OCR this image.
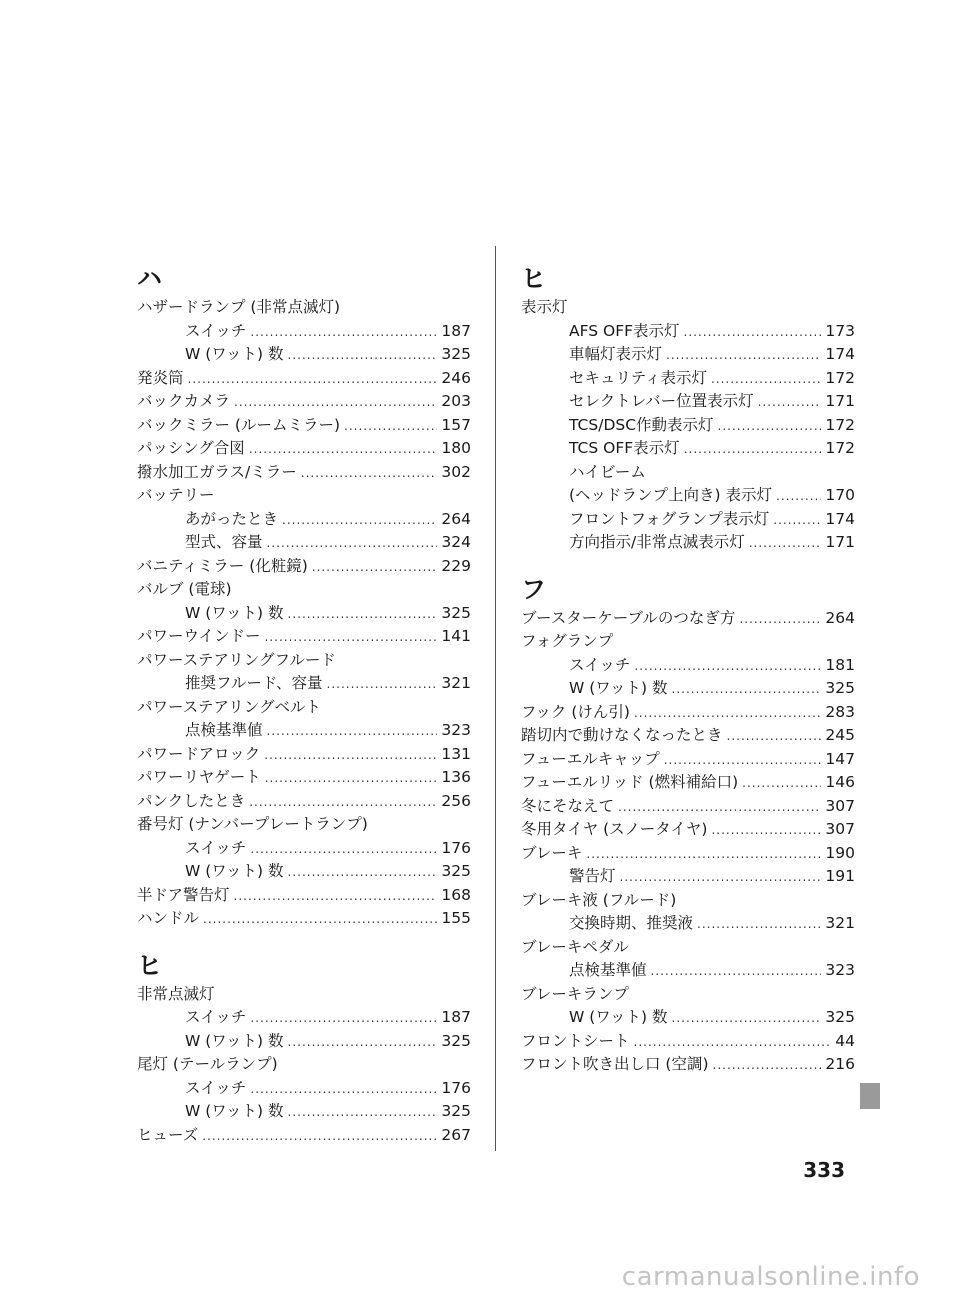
ハ
ハザードランプ (非常点滅灯)
スイッチ .....	187
W (ワット) 数 .....	325
発炎筒 .....	246
バックカメラ .....	203
バックミラー (ルームミラー) .....	157
パッシング合図 .....	180
撥水加工ガラス/ミラー .....	302
バッテリー
あがったとき .....	264
型式、容量 .....	324
バニティミラー (化粧鏡) .....	229
バルブ (電球)
W (ワット) 数 .....	325
パワーウインドー .....	141
パワーステアリングフルード
推奨フルード、容量 .....	321
パワーステアリングベルト
点検基準値 .....	323
パワードアロック .....	131
パワーリヤゲート .....	136
パンクしたとき .....	256
番号灯 (ナンバープレートランプ)
スイッチ .....	176
W (ワット) 数 .....	325
半ドア警告灯 .....	168
ハンドル .....	155
ヒ
非常点滅灯
スイッチ .....	187
W (ワット) 数 .....	325
尾灯 (テールランプ)
スイッチ .....	176
W (ワット) 数 .....	325
ヒューズ .....	267
ヒ
表示灯
AFS OFF表示灯 .....	173
車幅灯表示灯 .....	174
セキュリティ表示灯 .....	172
セレクトレバー位置表示灯 .....	171
TCS/DSC作動表示灯 .....	172
TCS OFF表示灯 .....	172
ハイビーム
(ヘッドランプ上向き) 表示灯 .....	170
フロントフォグランプ表示灯 .....	174
方向指示/非常点滅表示灯 .....	171
フ
ブースターケーブルのつなぎ方 .....	264
フォグランプ
スイッチ .....	181
W (ワット) 数 .....	325
フック (けん引) .....	283
踏切内で動けなくなったとき .....	245
フューエルキャップ .....	147
フューエルリッド (燃料補給口) .....	146
冬にそなえて .....	307
冬用タイヤ (スノータイヤ) .....	307
ブレーキ .....	190
警告灯 .....	191
ブレーキ液 (フルード)
交換時期、推奨液 .....	321
ブレーキペダル
点検基準値 .....	323
ブレーキランプ
W (ワット) 数 .....	325
フロントシート .....	44
フロント吹き出し口 (空調) .....	216
333
carmanualsonline.info
